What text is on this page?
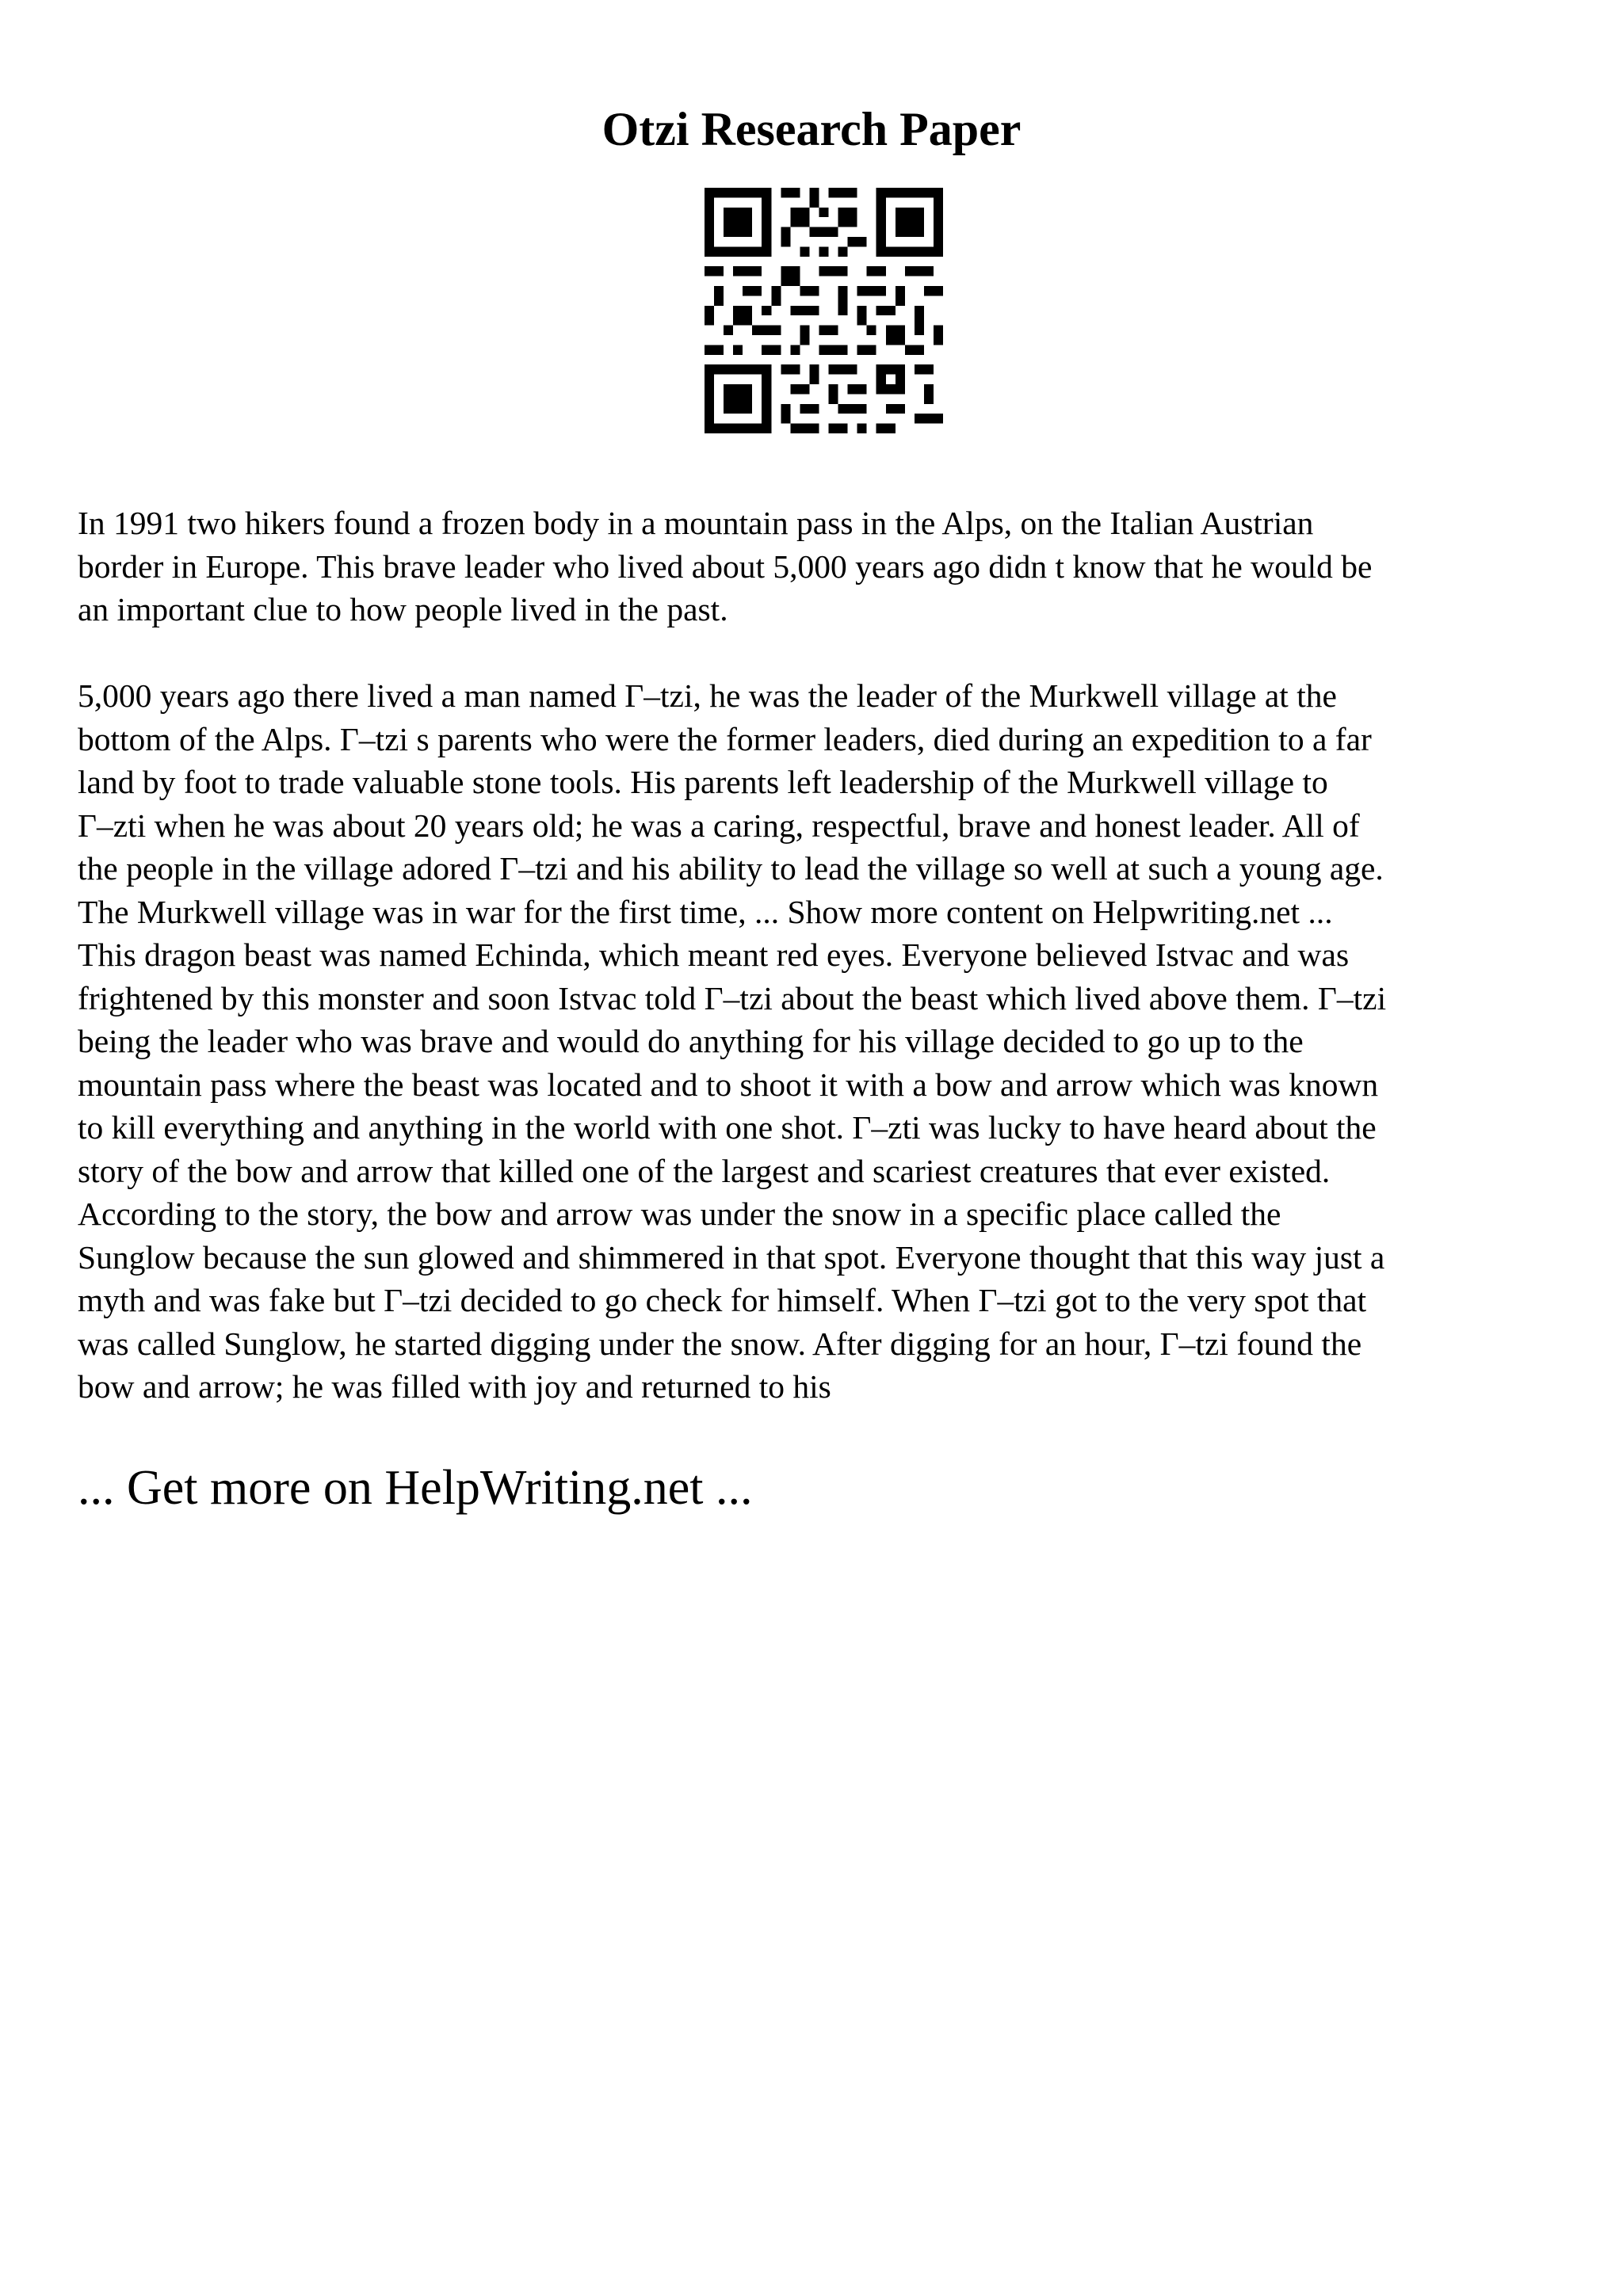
Otzi Research Paper
In 1991 two hikers found a frozen body in a mountain pass in the Alps, on the Italian Austrian
border in Europe. This brave leader who lived about 5,000 years ago didn t know that he would be
an important clue to how people lived in the past.
5,000 years ago there lived a man named Γ–tzi, he was the leader of the Murkwell village at the
bottom of the Alps. Γ–tzi s parents who were the former leaders, died during an expedition to a far
land by foot to trade valuable stone tools. His parents left leadership of the Murkwell village to
Γ–zti when he was about 20 years old; he was a caring, respectful, brave and honest leader. All of
the people in the village adored Γ–tzi and his ability to lead the village so well at such a young age.
The Murkwell village was in war for the first time, ... Show more content on Helpwriting.net ...
This dragon beast was named Echinda, which meant red eyes. Everyone believed Istvac and was
frightened by this monster and soon Istvac told Γ–tzi about the beast which lived above them. Γ–tzi
being the leader who was brave and would do anything for his village decided to go up to the
mountain pass where the beast was located and to shoot it with a bow and arrow which was known
to kill everything and anything in the world with one shot. Γ–zti was lucky to have heard about the
story of the bow and arrow that killed one of the largest and scariest creatures that ever existed.
According to the story, the bow and arrow was under the snow in a specific place called the
Sunglow because the sun glowed and shimmered in that spot. Everyone thought that this way just a
myth and was fake but Γ–tzi decided to go check for himself. When Γ–tzi got to the very spot that
was called Sunglow, he started digging under the snow. After digging for an hour, Γ–tzi found the
bow and arrow; he was filled with joy and returned to his
... Get more on HelpWriting.net ...
